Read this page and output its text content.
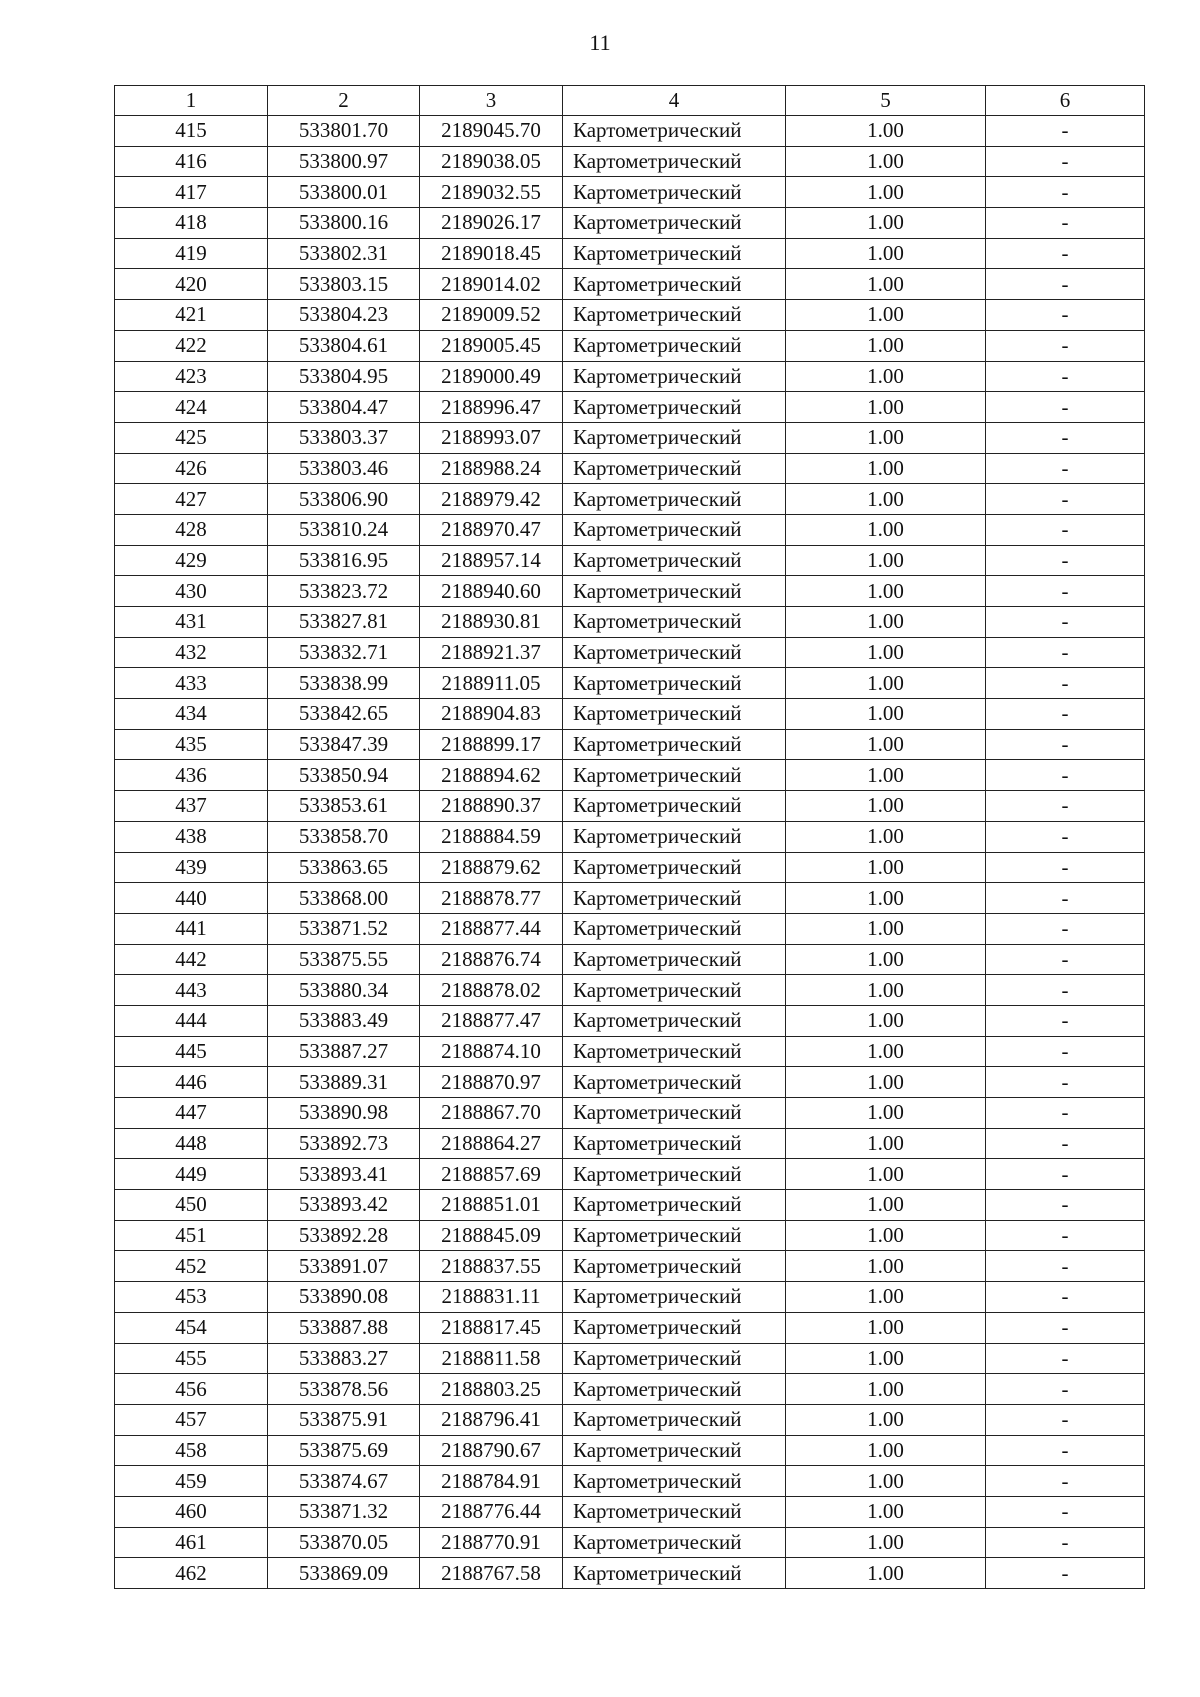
11
1	2	3	4	5	6
415	533801.70	2189045.70	Картометрический	1.00	-
416	533800.97	2189038.05	Картометрический	1.00	-
417	533800.01	2189032.55	Картометрический	1.00	-
418	533800.16	2189026.17	Картометрический	1.00	-
419	533802.31	2189018.45	Картометрический	1.00	-
420	533803.15	2189014.02	Картометрический	1.00	-
421	533804.23	2189009.52	Картометрический	1.00	-
422	533804.61	2189005.45	Картометрический	1.00	-
423	533804.95	2189000.49	Картометрический	1.00	-
424	533804.47	2188996.47	Картометрический	1.00	-
425	533803.37	2188993.07	Картометрический	1.00	-
426	533803.46	2188988.24	Картометрический	1.00	-
427	533806.90	2188979.42	Картометрический	1.00	-
428	533810.24	2188970.47	Картометрический	1.00	-
429	533816.95	2188957.14	Картометрический	1.00	-
430	533823.72	2188940.60	Картометрический	1.00	-
431	533827.81	2188930.81	Картометрический	1.00	-
432	533832.71	2188921.37	Картометрический	1.00	-
433	533838.99	2188911.05	Картометрический	1.00	-
434	533842.65	2188904.83	Картометрический	1.00	-
435	533847.39	2188899.17	Картометрический	1.00	-
436	533850.94	2188894.62	Картометрический	1.00	-
437	533853.61	2188890.37	Картометрический	1.00	-
438	533858.70	2188884.59	Картометрический	1.00	-
439	533863.65	2188879.62	Картометрический	1.00	-
440	533868.00	2188878.77	Картометрический	1.00	-
441	533871.52	2188877.44	Картометрический	1.00	-
442	533875.55	2188876.74	Картометрический	1.00	-
443	533880.34	2188878.02	Картометрический	1.00	-
444	533883.49	2188877.47	Картометрический	1.00	-
445	533887.27	2188874.10	Картометрический	1.00	-
446	533889.31	2188870.97	Картометрический	1.00	-
447	533890.98	2188867.70	Картометрический	1.00	-
448	533892.73	2188864.27	Картометрический	1.00	-
449	533893.41	2188857.69	Картометрический	1.00	-
450	533893.42	2188851.01	Картометрический	1.00	-
451	533892.28	2188845.09	Картометрический	1.00	-
452	533891.07	2188837.55	Картометрический	1.00	-
453	533890.08	2188831.11	Картометрический	1.00	-
454	533887.88	2188817.45	Картометрический	1.00	-
455	533883.27	2188811.58	Картометрический	1.00	-
456	533878.56	2188803.25	Картометрический	1.00	-
457	533875.91	2188796.41	Картометрический	1.00	-
458	533875.69	2188790.67	Картометрический	1.00	-
459	533874.67	2188784.91	Картометрический	1.00	-
460	533871.32	2188776.44	Картометрический	1.00	-
461	533870.05	2188770.91	Картометрический	1.00	-
462	533869.09	2188767.58	Картометрический	1.00	-
